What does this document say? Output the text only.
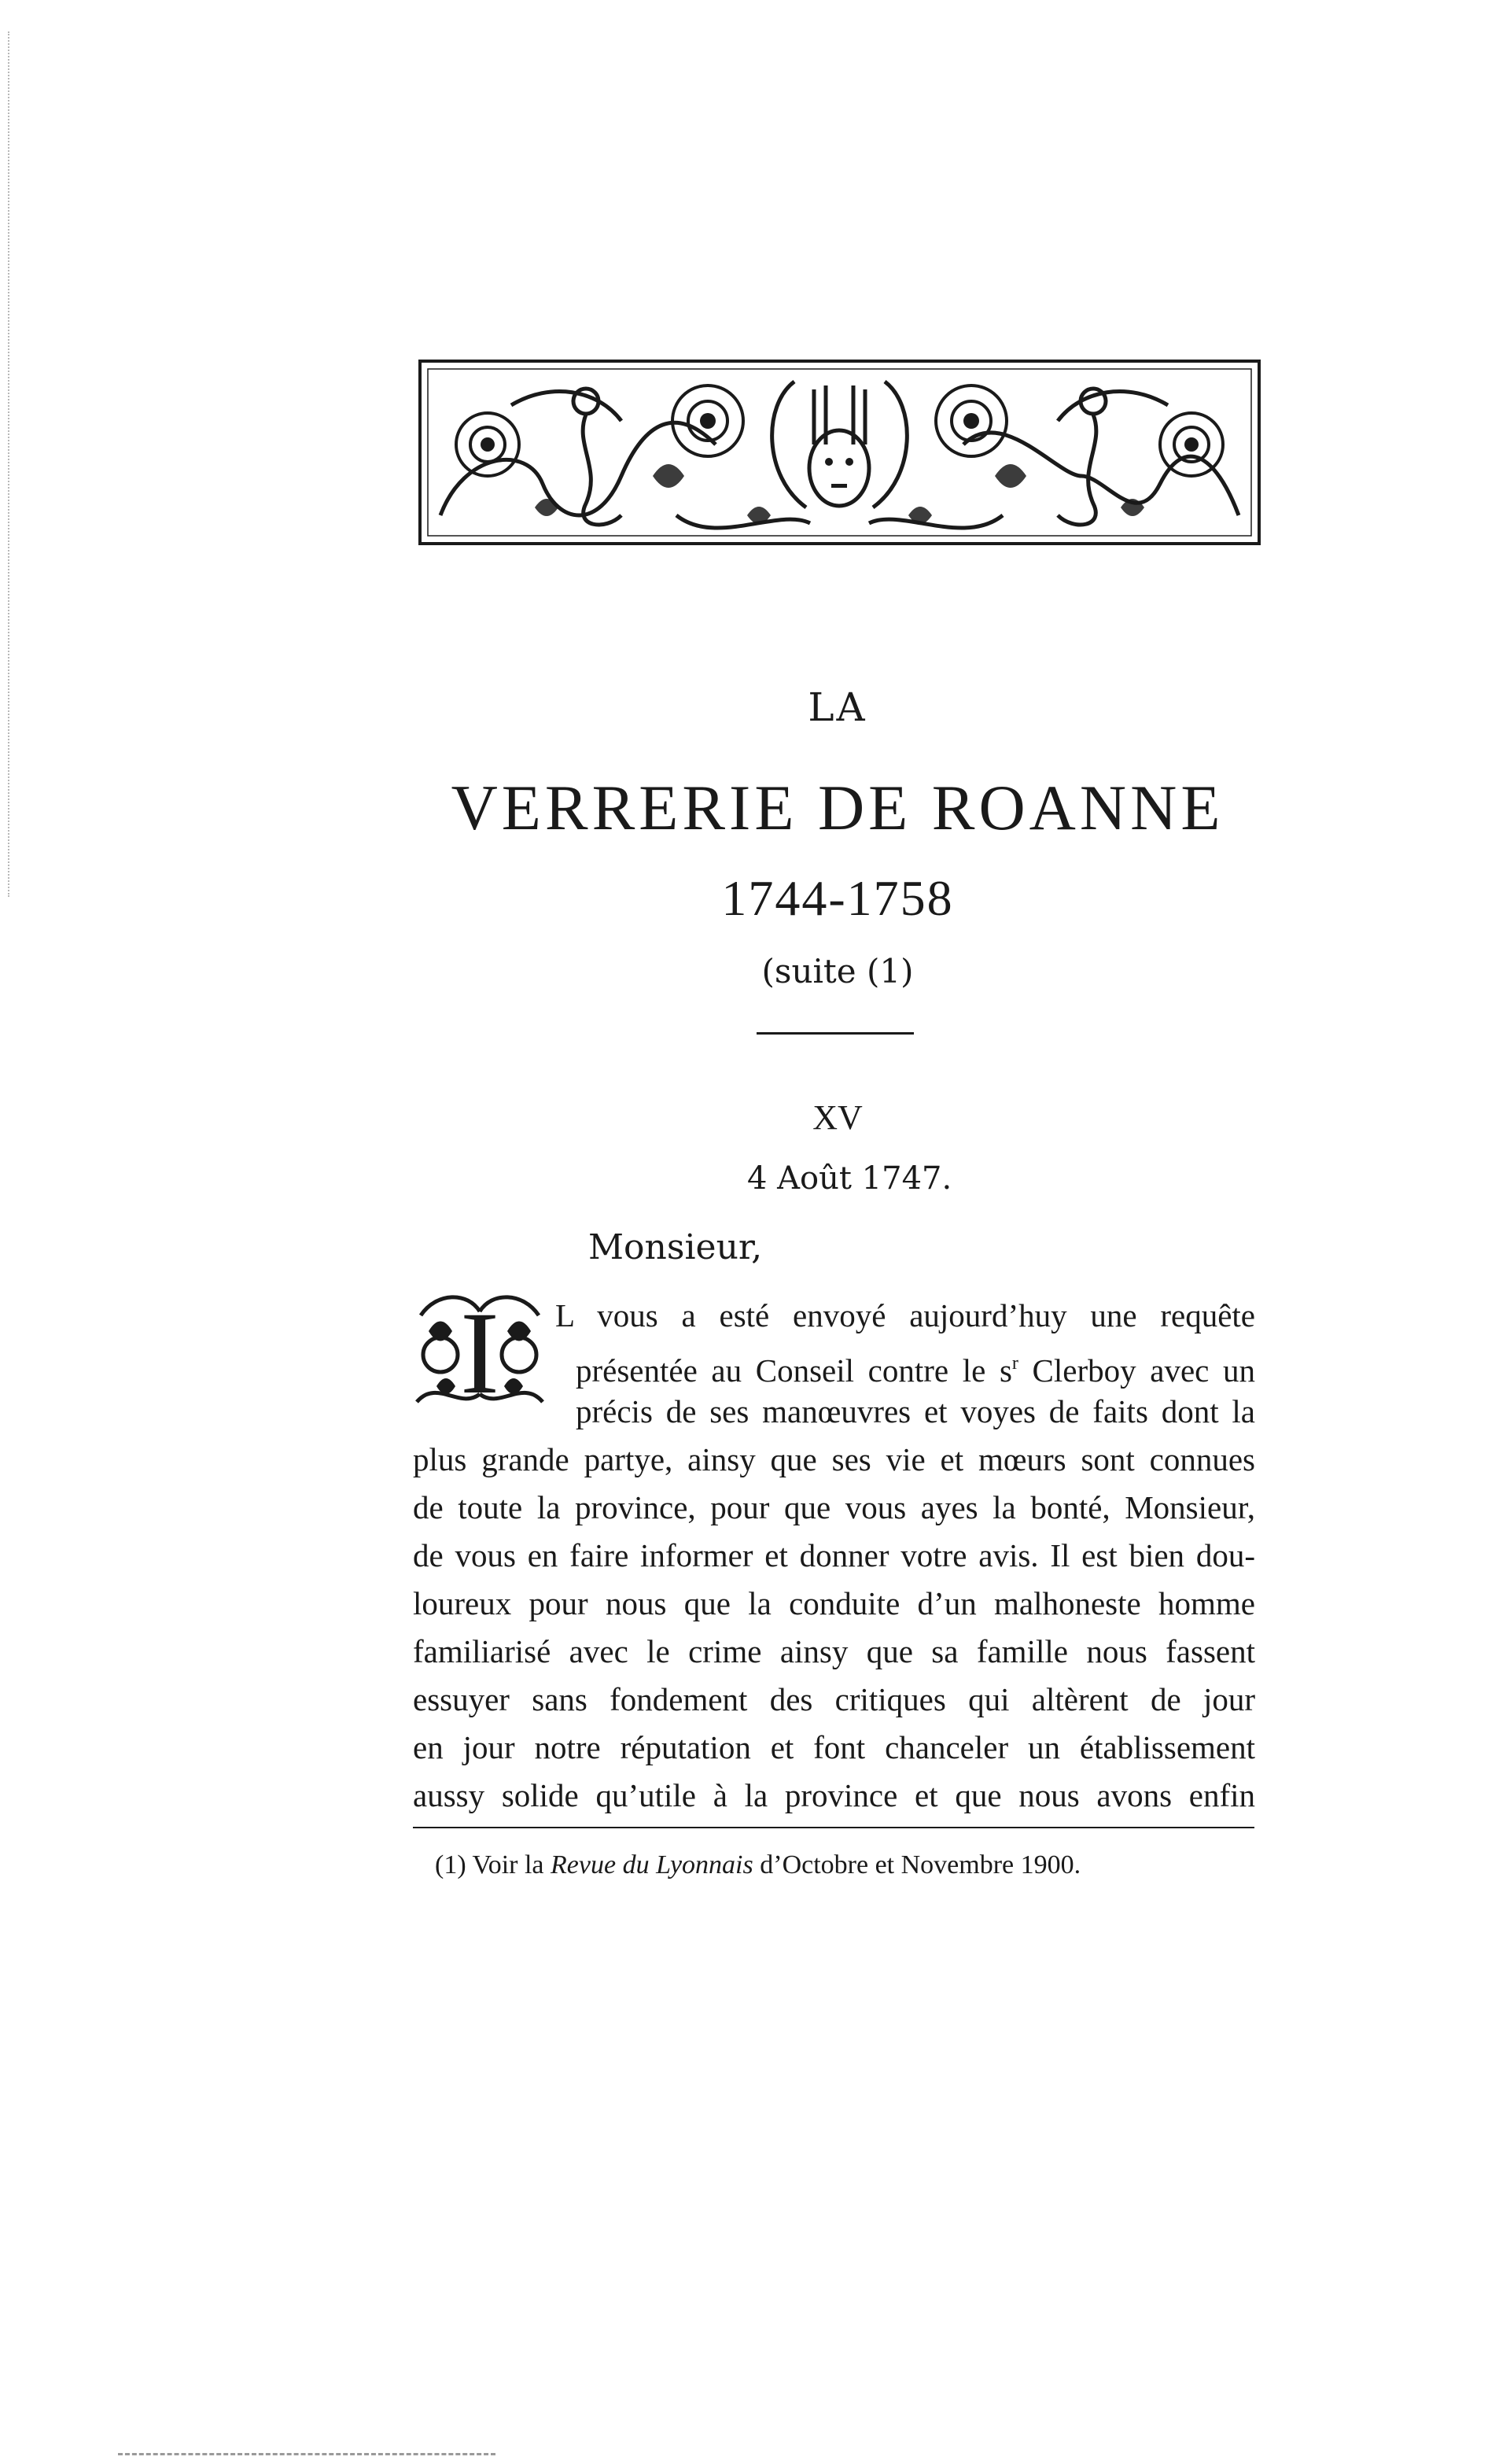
LA
VERRERIE DE ROANNE
1744-1758
(suite (1)
XV
4 Août 1747.
Monsieur,
I L vous a esté envoyé aujourd’huy une requête
présentée au Conseil contre le $s^r$ Clerboy avec un
précis de ses manœuvres et voyes de faits dont la
plus grande partye, ainsy que ses vie et mœurs sont connues
de toute la province, pour que vous ayes la bonté, Monsieur,
de vous en faire informer et donner votre avis. Il est bien dou-
loureux pour nous que la conduite d’un malhoneste homme
familiarisé avec le crime ainsy que sa famille nous fassent
essuyer sans fondement des critiques qui altèrent de jour
en jour notre réputation et font chanceler un établissement
aussy solide qu’utile à la province et que nous avons enfin
(1) Voir la Revue du Lyonnais d’Octobre et Novembre 1900.
